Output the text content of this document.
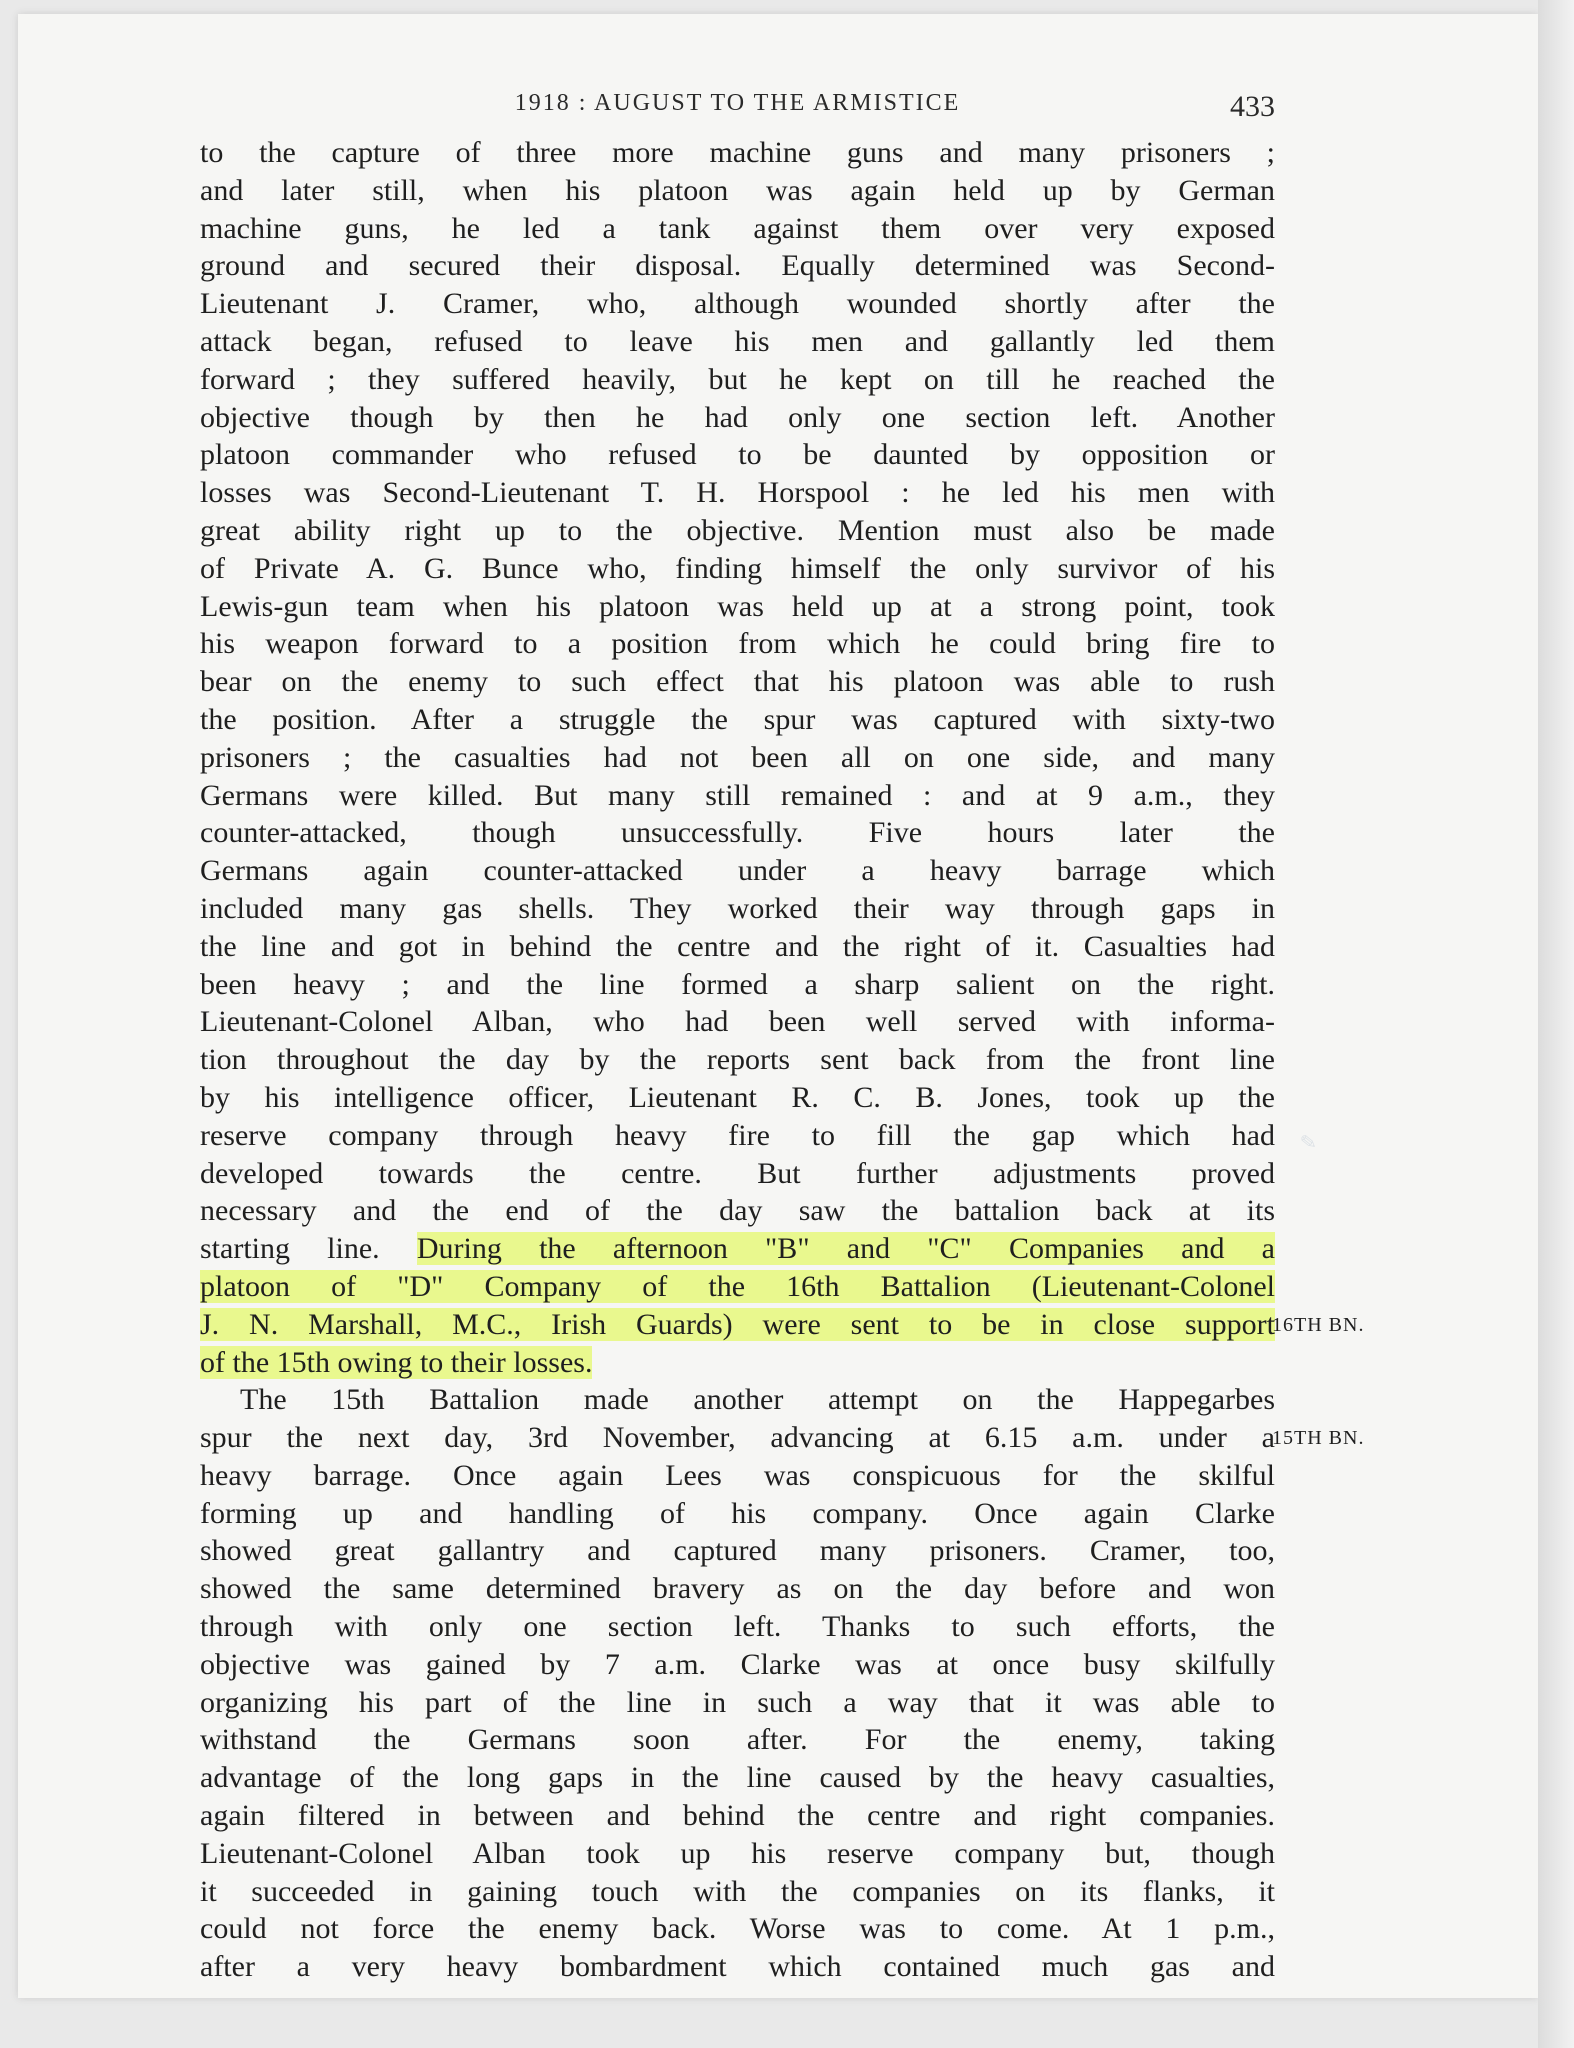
1918 : AUGUST TO THE ARMISTICE	433
to the capture of three more machine guns and many prisoners ;
and later still, when his platoon was again held up by German
machine guns, he led a tank against them over very exposed
ground and secured their disposal. Equally determined was Second-
Lieutenant J. Cramer, who, although wounded shortly after the
attack began, refused to leave his men and gallantly led them
forward ; they suffered heavily, but he kept on till he reached the
objective though by then he had only one section left. Another
platoon commander who refused to be daunted by opposition or
losses was Second-Lieutenant T. H. Horspool : he led his men with
great ability right up to the objective. Mention must also be made
of Private A. G. Bunce who, finding himself the only survivor of his
Lewis-gun team when his platoon was held up at a strong point, took
his weapon forward to a position from which he could bring fire to
bear on the enemy to such effect that his platoon was able to rush
the position. After a struggle the spur was captured with sixty-two
prisoners ; the casualties had not been all on one side, and many
Germans were killed. But many still remained : and at 9 a.m., they
counter-attacked, though unsuccessfully. Five hours later the
Germans again counter-attacked under a heavy barrage which
included many gas shells. They worked their way through gaps in
the line and got in behind the centre and the right of it. Casualties had
been heavy ; and the line formed a sharp salient on the right.
Lieutenant-Colonel Alban, who had been well served with informa-
tion throughout the day by the reports sent back from the front line
by his intelligence officer, Lieutenant R. C. B. Jones, took up the
reserve company through heavy fire to fill the gap which had
developed towards the centre. But further adjustments proved
necessary and the end of the day saw the battalion back at its
starting line. During the afternoon "B" and "C" Companies and a
platoon of "D" Company of the 16th Battalion (Lieutenant-Colonel
J. N. Marshall, M.C., Irish Guards) were sent to be in close support
of the 15th owing to their losses.
The 15th Battalion made another attempt on the Happegarbes
spur the next day, 3rd November, advancing at 6.15 a.m. under a
heavy barrage. Once again Lees was conspicuous for the skilful
forming up and handling of his company. Once again Clarke
showed great gallantry and captured many prisoners. Cramer, too,
showed the same determined bravery as on the day before and won
through with only one section left. Thanks to such efforts, the
objective was gained by 7 a.m. Clarke was at once busy skilfully
organizing his part of the line in such a way that it was able to
withstand the Germans soon after. For the enemy, taking
advantage of the long gaps in the line caused by the heavy casualties,
again filtered in between and behind the centre and right companies.
Lieutenant-Colonel Alban took up his reserve company but, though
it succeeded in gaining touch with the companies on its flanks, it
could not force the enemy back. Worse was to come. At 1 p.m.,
after a very heavy bombardment which contained much gas and
16TH BN.
15TH BN.
✎
